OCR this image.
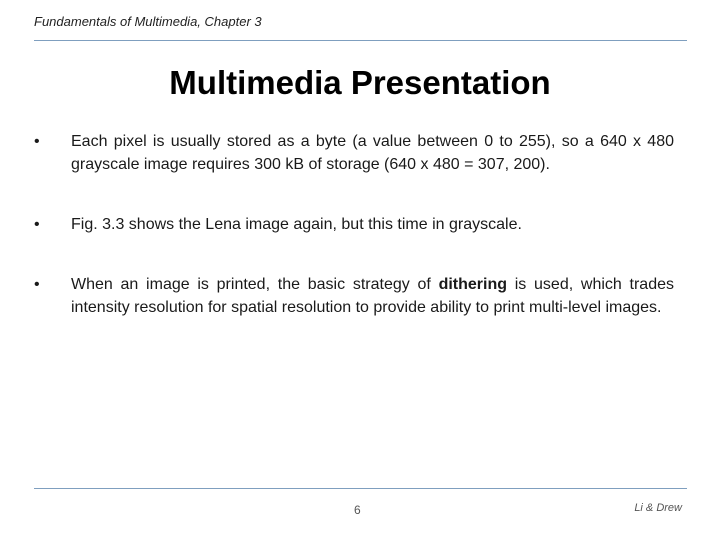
Fundamentals of Multimedia, Chapter 3
Multimedia Presentation
• Each pixel is usually stored as a byte (a value between 0 to 255), so a 640 x 480 grayscale image requires 300 kB of storage (640 x 480 = 307, 200).
• Fig. 3.3 shows the Lena image again, but this time in grayscale.
• When an image is printed, the basic strategy of dithering is used, which trades intensity resolution for spatial resolution to provide ability to print multi-level images.
6	Li & Drew
